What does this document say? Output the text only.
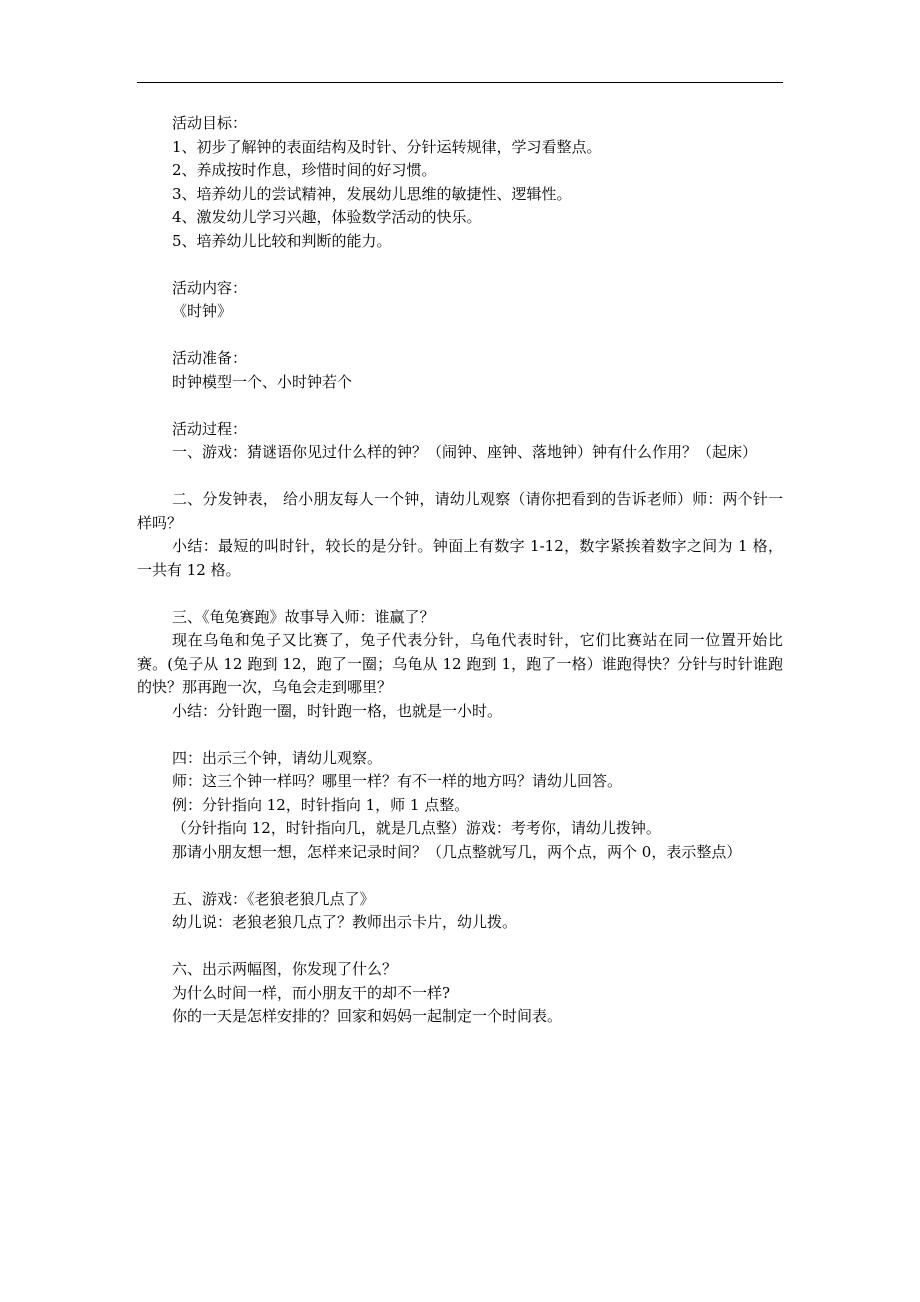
活动目标：

1、初步了解钟的表面结构及时针、分针运转规律，学习看整点。

2、养成按时作息，珍惜时间的好习惯。

3、培养幼儿的尝试精神，发展幼儿思维的敏捷性、逻辑性。

4、激发幼儿学习兴趣，体验数学活动的快乐。

5、培养幼儿比较和判断的能力。

活动内容：

《时钟》

活动准备：

时钟模型一个、小时钟若个

活动过程：

一、游戏：猜谜语你见过什么样的钟？（闹钟、座钟、落地钟）钟有什么作用？（起床）

二、分发钟表， 给小朋友每人一个钟，请幼儿观察（请你把看到的告诉老师）师：两个针一样吗？

小结：最短的叫时针，较长的是分针。钟面上有数字 1-12，数字紧挨着数字之间为 1 格，一共有 12 格。

三、《龟兔赛跑》故事导入师：谁赢了？

现在乌龟和兔子又比赛了，兔子代表分针，乌龟代表时针，它们比赛站在同一位置开始比赛。(兔子从 12 跑到 12，跑了一圈；乌龟从 12 跑到 1，跑了一格）谁跑得快？分针与时针谁跑的快？那再跑一次，乌龟会走到哪里？

小结：分针跑一圈，时针跑一格，也就是一小时。

四：出示三个钟，请幼儿观察。

师：这三个钟一样吗？哪里一样？有不一样的地方吗？请幼儿回答。

例：分针指向 12，时针指向 1，师 1 点整。

（分针指向 12，时针指向几，就是几点整）游戏：考考你，请幼儿拨钟。

那请小朋友想一想，怎样来记录时间？（几点整就写几，两个点，两个 0，表示整点）

五、游戏：《老狼老狼几点了》

幼儿说：老狼老狼几点了？教师出示卡片，幼儿拨。

六、出示两幅图，你发现了什么？

为什么时间一样，而小朋友干的却不一样?

你的一天是怎样安排的？回家和妈妈一起制定一个时间表。
